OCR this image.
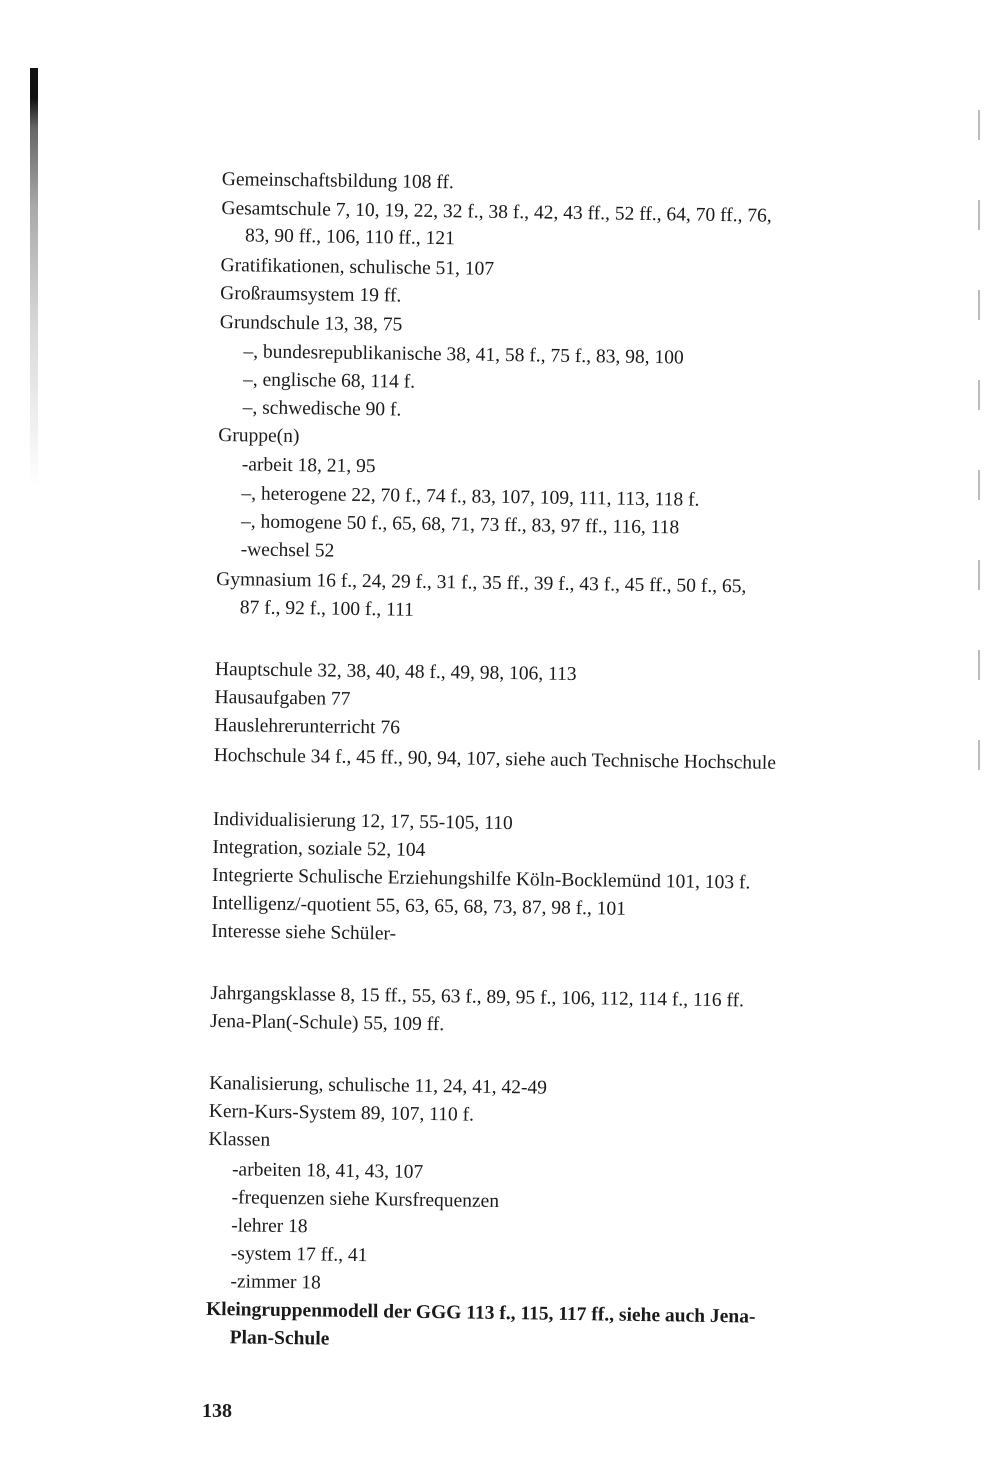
Gemeinschaftsbildung 108 ff.
Gesamtschule 7, 10, 19, 22, 32 f., 38 f., 42, 43 ff., 52 ff., 64, 70 ff., 76,
83, 90 ff., 106, 110 ff., 121
Gratifikationen, schulische 51, 107
Großraumsystem 19 ff.
Grundschule 13, 38, 75
–, bundesrepublikanische 38, 41, 58 f., 75 f., 83, 98, 100
–, englische 68, 114 f.
–, schwedische 90 f.
Gruppe(n)
-arbeit 18, 21, 95
–, heterogene 22, 70 f., 74 f., 83, 107, 109, 111, 113, 118 f.
–, homogene 50 f., 65, 68, 71, 73 ff., 83, 97 ff., 116, 118
-wechsel 52
Gymnasium 16 f., 24, 29 f., 31 f., 35 ff., 39 f., 43 f., 45 ff., 50 f., 65,
87 f., 92 f., 100 f., 111
Hauptschule 32, 38, 40, 48 f., 49, 98, 106, 113
Hausaufgaben 77
Hauslehrerunterricht 76
Hochschule 34 f., 45 ff., 90, 94, 107, siehe auch Technische Hochschule
Individualisierung 12, 17, 55-105, 110
Integration, soziale 52, 104
Integrierte Schulische Erziehungshilfe Köln-Bocklemünd 101, 103 f.
Intelligenz/-quotient 55, 63, 65, 68, 73, 87, 98 f., 101
Interesse siehe Schüler-
Jahrgangsklasse 8, 15 ff., 55, 63 f., 89, 95 f., 106, 112, 114 f., 116 ff.
Jena-Plan(-Schule) 55, 109 ff.
Kanalisierung, schulische 11, 24, 41, 42-49
Kern-Kurs-System 89, 107, 110 f.
Klassen
-arbeiten 18, 41, 43, 107
-frequenzen siehe Kursfrequenzen
-lehrer 18
-system 17 ff., 41
-zimmer 18
Kleingruppenmodell der GGG 113 f., 115, 117 ff., siehe auch Jena-
Plan-Schule
138
